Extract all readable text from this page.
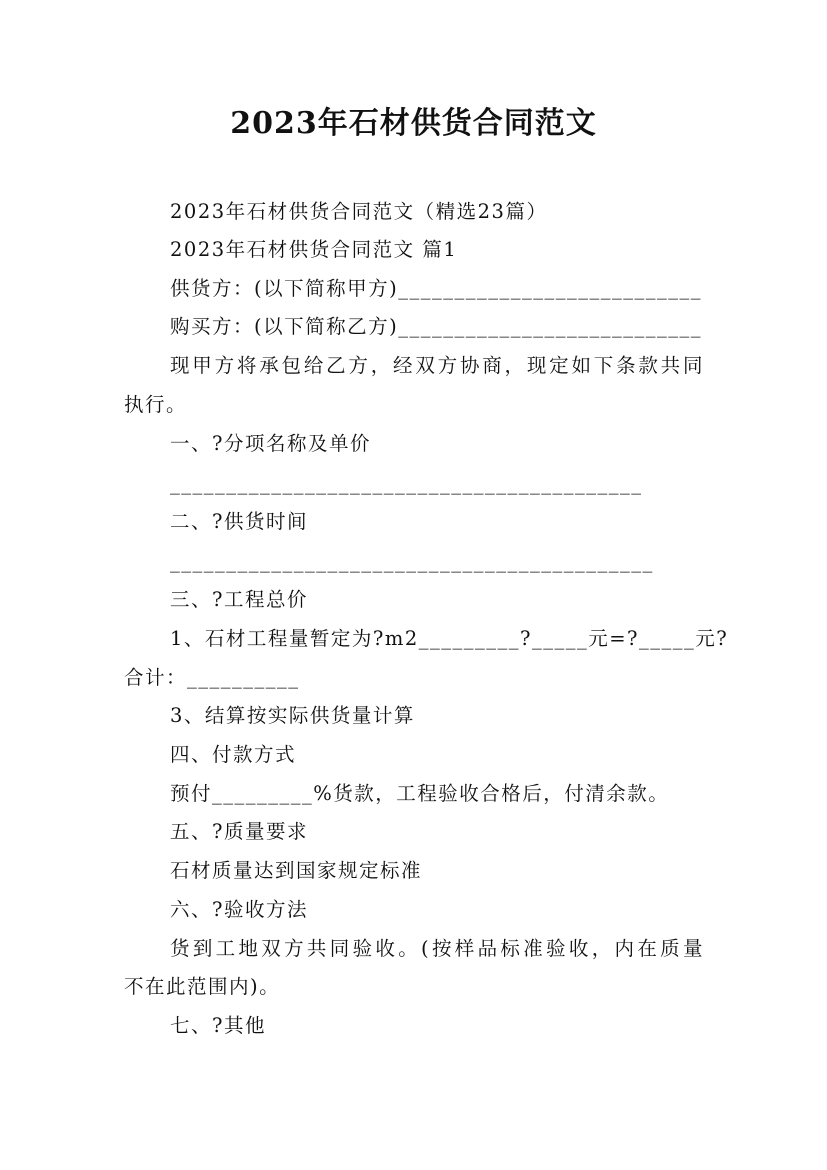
2023年石材供货合同范文
2023年石材供货合同范文（精选23篇）
2023年石材供货合同范文 篇1
供货方：(以下简称甲方)___________________________
购买方：(以下简称乙方)___________________________
现甲方将承包给乙方，经双方协商，现定如下条款共同
执行。
一、?分项名称及单价
__________________________________________
二、?供货时间
___________________________________________
三、?工程总价
1、石材工程量暂定为?m2_________?_____元=?_____元?
合计：__________
3、结算按实际供货量计算
四、付款方式
预付_________%货款，工程验收合格后，付清余款。
五、?质量要求
石材质量达到国家规定标准
六、?验收方法
货到工地双方共同验收。(按样品标准验收，内在质量
不在此范围内)。
七、?其他
